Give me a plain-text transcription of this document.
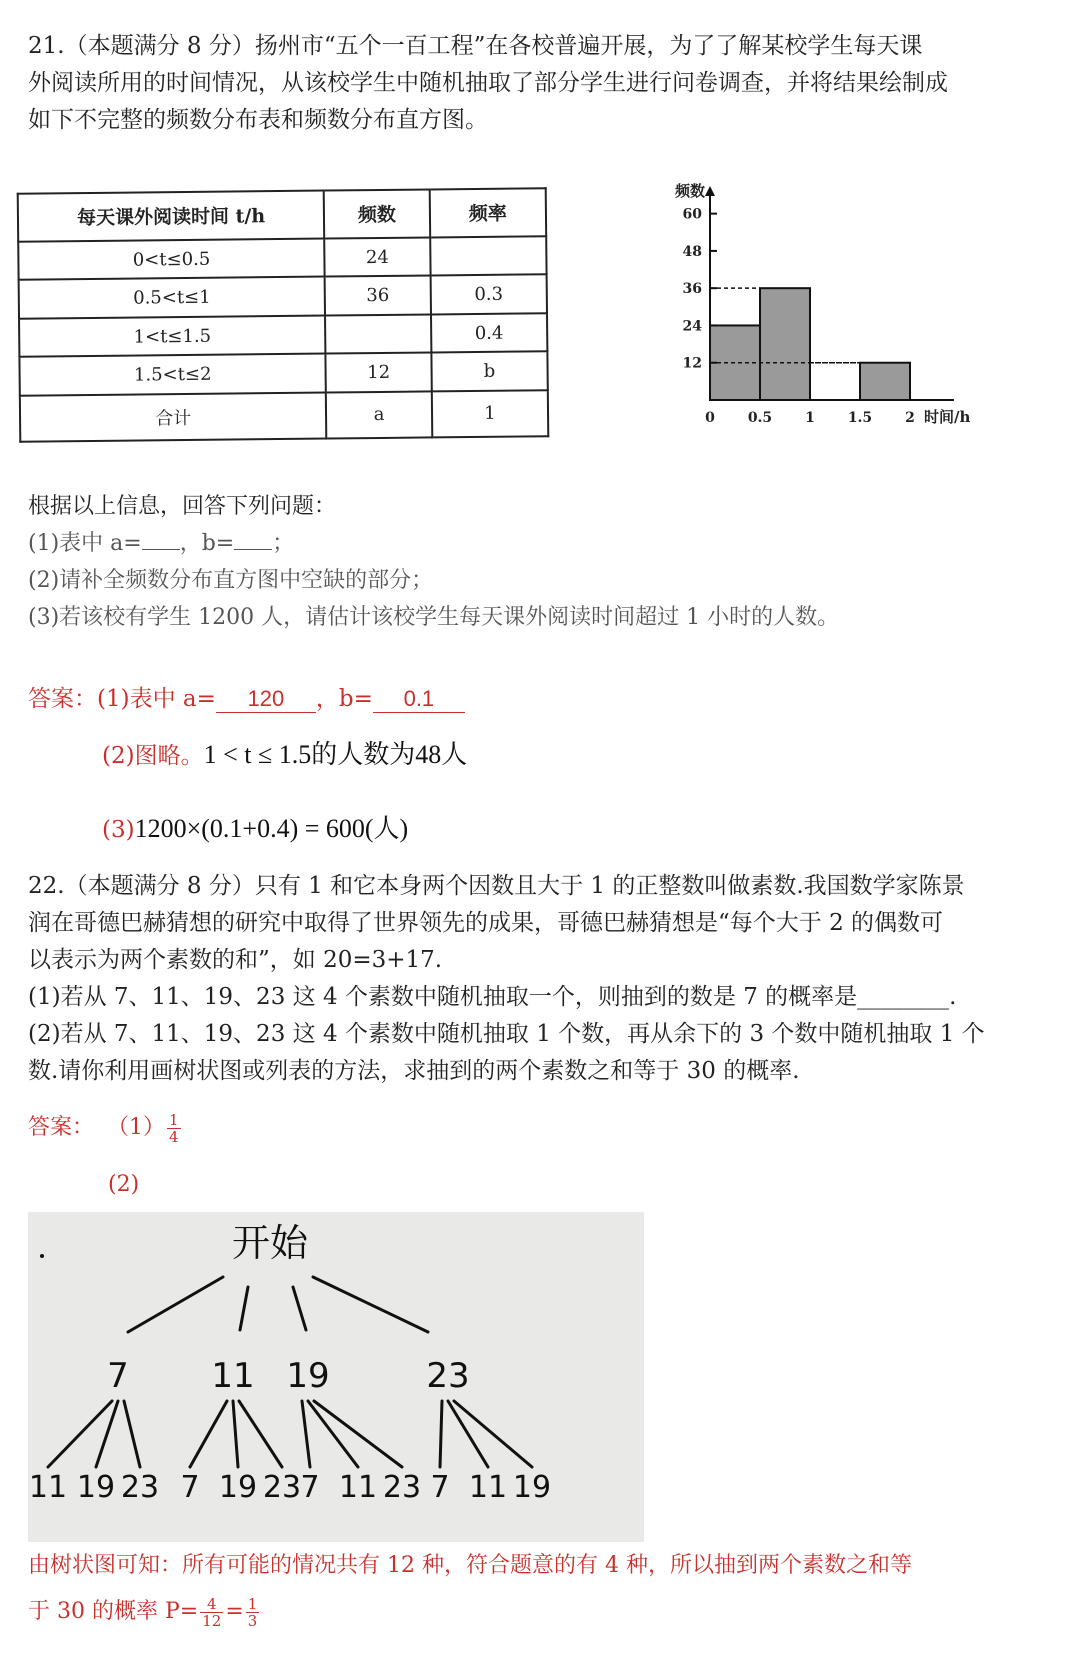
21.（本题满分 8 分）扬州市“五个一百工程”在各校普遍开展，为了了解某校学生每天课
外阅读所用的时间情况，从该校学生中随机抽取了部分学生进行问卷调查，并将结果绘制成
如下不完整的频数分布表和频数分布直方图。
每天课外阅读时间 t/h	频数	频率
0<t≤0.5	24	
0.5<t≤1	36	0.3
1<t≤1.5		0.4
1.5<t≤2	12	b
合计	a	1
12
24
36
48
60
0 0.5 1 1.5 2
频数
时间/h
根据以上信息，回答下列问题：
(1)表中 a= ，b= ；
(2)请补全频数分布直方图中空缺的部分；
(3)若该校有学生 1200 人，请估计该校学生每天课外阅读时间超过 1 小时的人数。
答案：(1)表中 a= 120 ，b= 0.1
(2)图略。1 < t ≤ 1.5的人数为48人
(3)1200×(0.1+0.4) = 600(人)
22.（本题满分 8 分）只有 1 和它本身两个因数且大于 1 的正整数叫做素数.我国数学家陈景
润在哥德巴赫猜想的研究中取得了世界领先的成果，哥德巴赫猜想是“每个大于 2 的偶数可
以表示为两个素数的和”，如 20=3+17.
(1)若从 7、11、19、23 这 4 个素数中随机抽取一个，则抽到的数是 7 的概率是________.
(2)若从 7、11、19、23 这 4 个素数中随机抽取 1 个数，再从余下的 3 个数中随机抽取 1 个
数.请你利用画树状图或列表的方法，求抽到的两个素数之和等于 30 的概率.
答案： $(1) \frac{1}{4}$
(2)
开始
7 11 19	23
11 19 23 7 19 23 7 11 23 7 11 19
由树状图可知：所有可能的情况共有 12 种，符合题意的有 4 种，所以抽到两个素数之和等
于 30 的概率 $P= \frac{4}{12} = \frac{1}{3}$
